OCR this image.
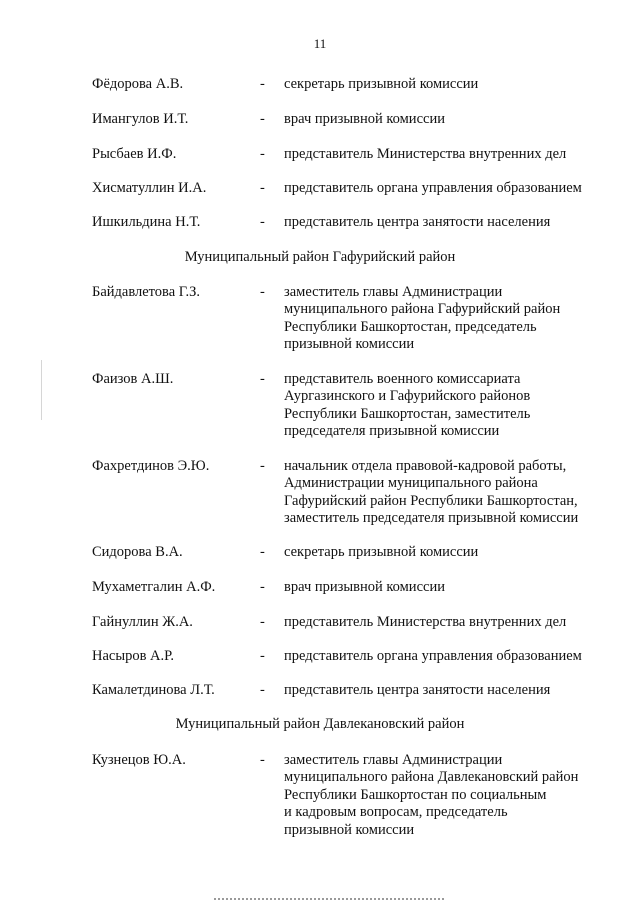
11
Фёдорова А.В.	- секретарь призывной комиссии
Имангулов И.Т.	- врач призывной комиссии
Рысбаев И.Ф.	- представитель Министерства внутренних дел
Хисматуллин И.А.	- представитель органа управления образованием
Ишкильдина Н.Т.	- представитель центра занятости населения
Муниципальный район Гафурийский район
Байдавлетова Г.З.	- заместитель главы Администрации
муниципального района Гафурийский район
Республики Башкортостан, председатель
призывной комиссии
Фаизов А.Ш.	- представитель военного комиссариата
Аургазинского и Гафурийского районов
Республики Башкортостан, заместитель
председателя призывной комиссии
Фахретдинов Э.Ю.	- начальник отдела правовой-кадровой работы,
Администрации муниципального района
Гафурийский район Республики Башкортостан,
заместитель председателя призывной комиссии
Сидорова В.А.	- секретарь призывной комиссии
Мухаметгалин А.Ф.	- врач призывной комиссии
Гайнуллин Ж.А.	- представитель Министерства внутренних дел
Насыров А.Р.	- представитель органа управления образованием
Камалетдинова Л.Т.	- представитель центра занятости населения
Муниципальный район Давлекановский район
Кузнецов Ю.А.	- заместитель главы Администрации
муниципального района Давлекановский район
Республики Башкортостан по социальным
и кадровым вопросам, председатель
призывной комиссии
